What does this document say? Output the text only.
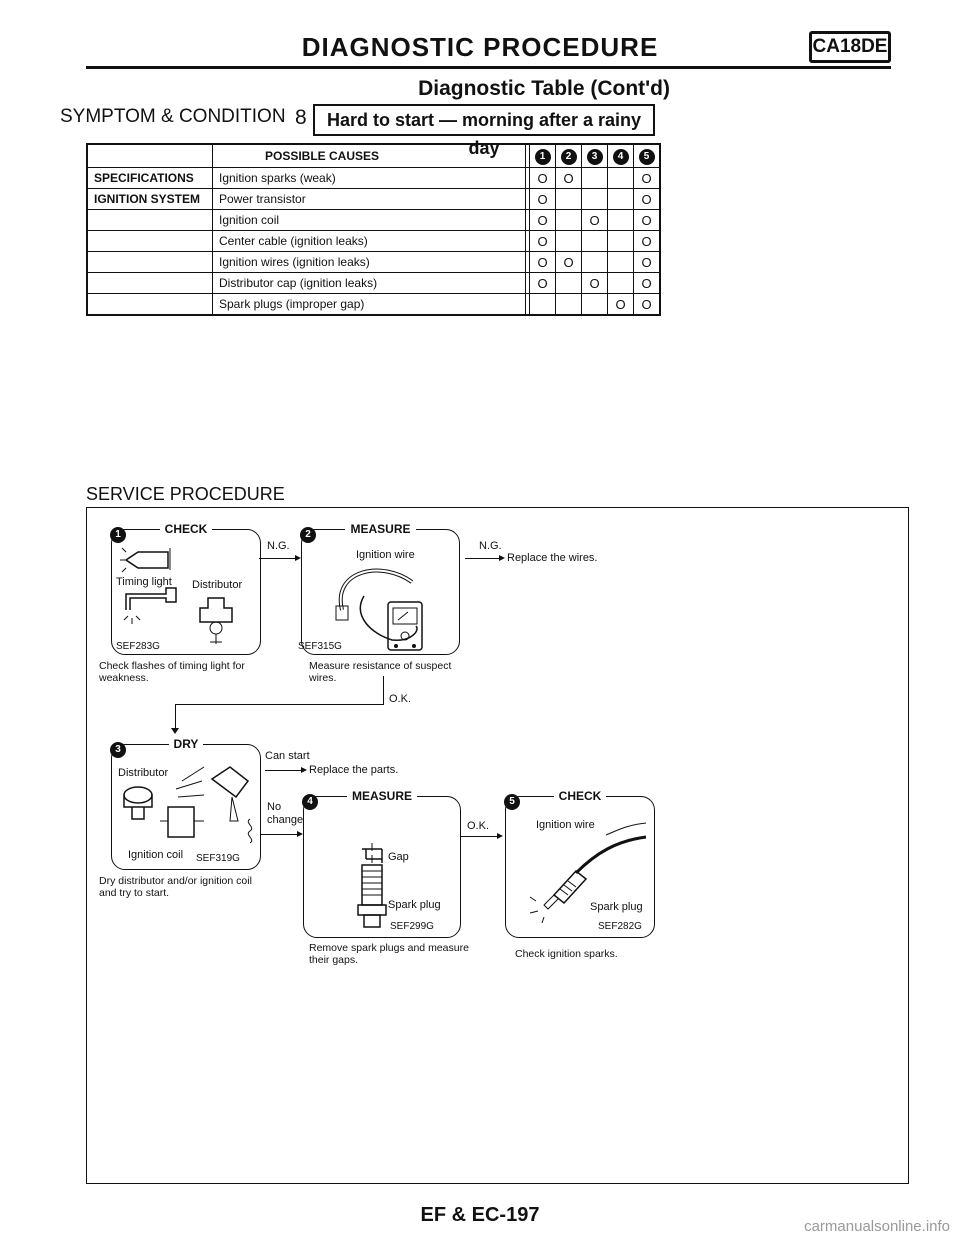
DIAGNOSTIC PROCEDURE	CA18DE
Diagnostic Table (Cont'd)
SYMPTOM & CONDITION 8	Hard to start — morning after a rainy day
	POSSIBLE CAUSES		1	2	3	4	5
SPECIFICATIONS	Ignition sparks (weak)		O	O			O
IGNITION SYSTEM	Power transistor		O				O
	Ignition coil		O		O		O
	Center cable (ignition leaks)		O				O
	Ignition wires (ignition leaks)		O	O			O
	Distributor cap (ignition leaks)		O		O		O
	Spark plugs (improper gap)					O	O
SERVICE PROCEDURE
CHECK
1
Timing light Distributor
SEF283G
Check flashes of timing light for weakness.
N.G.
MEASURE
2
Ignition wire
SEF315G
Measure resistance of suspect wires.
N.G.
Replace the wires.
O.K.
DRY
3
Distributor
Ignition coil SEF319G
Dry distributor and/or ignition coil and try to start.
Can start
Replace the parts.
No change
MEASURE
4
Gap
Spark plug
SEF299G
Remove spark plugs and measure their gaps.
O.K.
CHECK
5
Ignition wire
Spark plug
SEF282G
Check ignition sparks.
EF & EC-197
carmanualsonline.info
